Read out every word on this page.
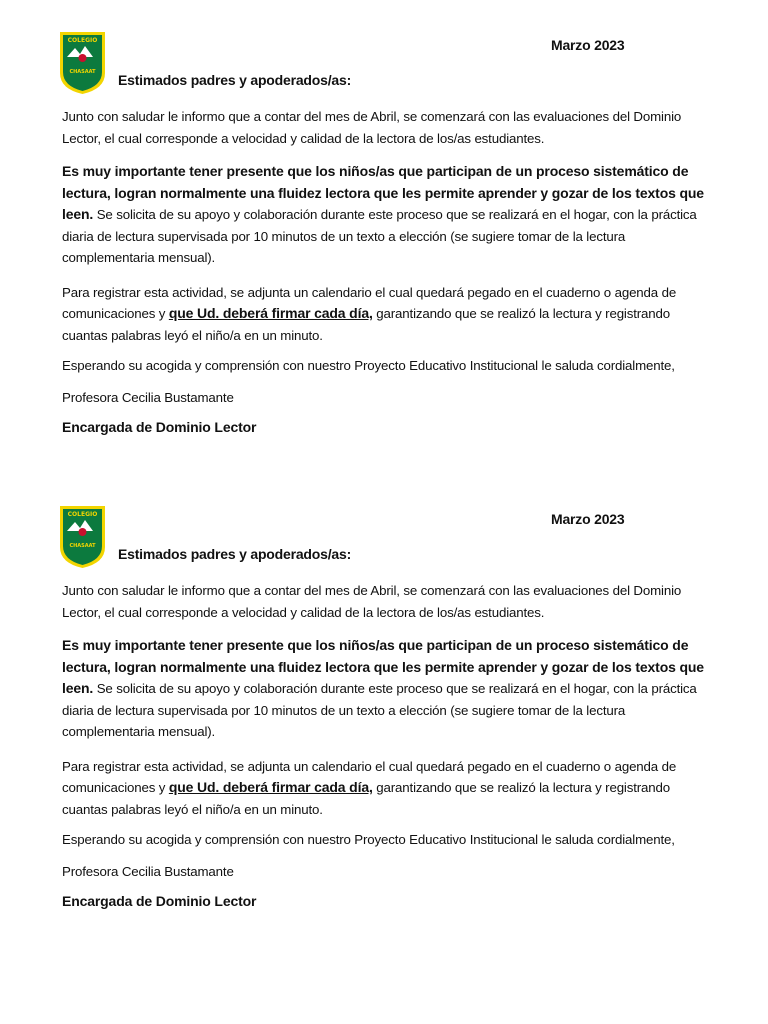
COLEGIO
CHASAAT
Marzo 2023
Estimados padres y apoderados/as:

Junto con saludar le informo que a contar del mes de Abril, se comenzará con las evaluaciones del Dominio Lector, el cual corresponde a velocidad y calidad de la lectora de los/as estudiantes.

Es muy importante tener presente que los niños/as que participan de un proceso sistemático de lectura, logran normalmente una fluidez lectora que les permite aprender y gozar de los textos que leen. Se solicita de su apoyo y colaboración durante este proceso que se realizará en el hogar, con la práctica diaria de lectura supervisada por 10 minutos de un texto a elección (se sugiere tomar de la lectura complementaria mensual).

Para registrar esta actividad, se adjunta un calendario el cual quedará pegado en el cuaderno o agenda de comunicaciones y que Ud. deberá firmar cada día, garantizando que se realizó la lectura y registrando cuantas palabras leyó el niño/a en un minuto.

Esperando su acogida y comprensión con nuestro Proyecto Educativo Institucional le saluda cordialmente,

Profesora Cecilia Bustamante

Encargada de Dominio Lector

COLEGIO
CHASAAT
Marzo 2023
Estimados padres y apoderados/as:

Junto con saludar le informo que a contar del mes de Abril, se comenzará con las evaluaciones del Dominio Lector, el cual corresponde a velocidad y calidad de la lectora de los/as estudiantes.

Es muy importante tener presente que los niños/as que participan de un proceso sistemático de lectura, logran normalmente una fluidez lectora que les permite aprender y gozar de los textos que leen. Se solicita de su apoyo y colaboración durante este proceso que se realizará en el hogar, con la práctica diaria de lectura supervisada por 10 minutos de un texto a elección (se sugiere tomar de la lectura complementaria mensual).

Para registrar esta actividad, se adjunta un calendario el cual quedará pegado en el cuaderno o agenda de comunicaciones y que Ud. deberá firmar cada día, garantizando que se realizó la lectura y registrando cuantas palabras leyó el niño/a en un minuto.

Esperando su acogida y comprensión con nuestro Proyecto Educativo Institucional le saluda cordialmente,

Profesora Cecilia Bustamante

Encargada de Dominio Lector
